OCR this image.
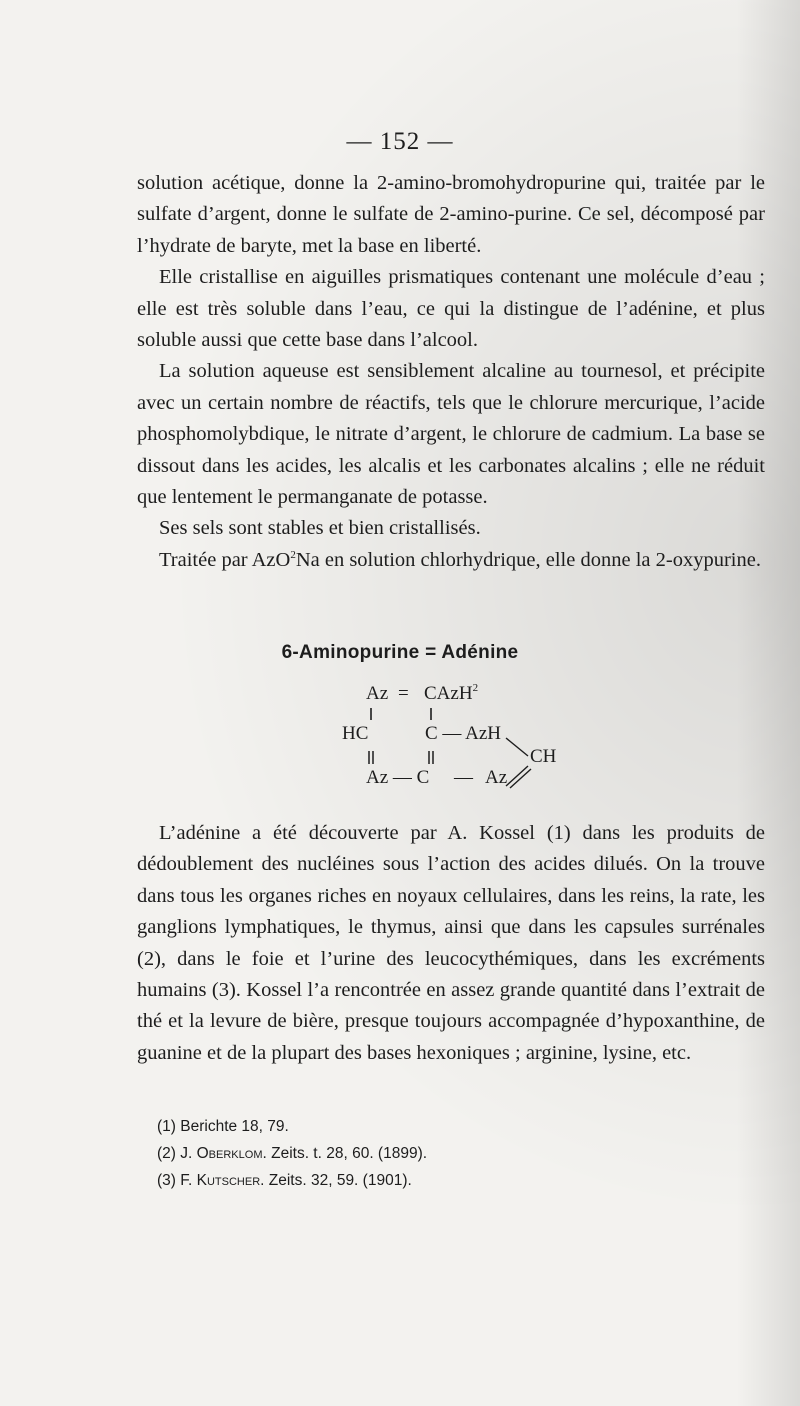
— 152 —

solution acétique, donne la 2-amino-bromohydropurine qui, traitée par le sulfate d’argent, donne le sulfate de 2-amino-purine. Ce sel, décomposé par l’hydrate de baryte, met la base en liberté.

Elle cristallise en aiguilles prismatiques contenant une molécule d’eau ; elle est très soluble dans l’eau, ce qui la distingue de l’adénine, et plus soluble aussi que cette base dans l’alcool.

La solution aqueuse est sensiblement alcaline au tournesol, et précipite avec un certain nombre de réactifs, tels que le chlorure mercurique, l’acide phosphomolybdique, le nitrate d’argent, le chlorure de cadmium. La base se dissout dans les acides, les alcalis et les carbonates alcalins ; elle ne réduit que lentement le permanganate de potasse.

Ses sels sont stables et bien cristallisés.

Traitée par AzO$^2$Na en solution chlorhydrique, elle donne la 2-oxypurine.

6-Aminopurine = Adénine
Az = CAzH$^2$
HC	C — AzH
CH
Az — C — Az

L’adénine a été découverte par A. Kossel (1) dans les produits de dédoublement des nucléines sous l’action des acides dilués. On la trouve dans tous les organes riches en noyaux cellulaires, dans les reins, la rate, les ganglions lymphatiques, le thymus, ainsi que dans les capsules surrénales (2), dans le foie et l’urine des leucocythémiques, dans les excréments humains (3). Kossel l’a rencontrée en assez grande quantité dans l’extrait de thé et la levure de bière, presque toujours accompagnée d’hypoxanthine, de guanine et de la plupart des bases hexoniques ; arginine, lysine, etc.

(1) Berichte 18, 79.
(2) J. Oberklom. Zeits. t. 28, 60. (1899).
(3) F. Kutscher. Zeits. 32, 59. (1901).
